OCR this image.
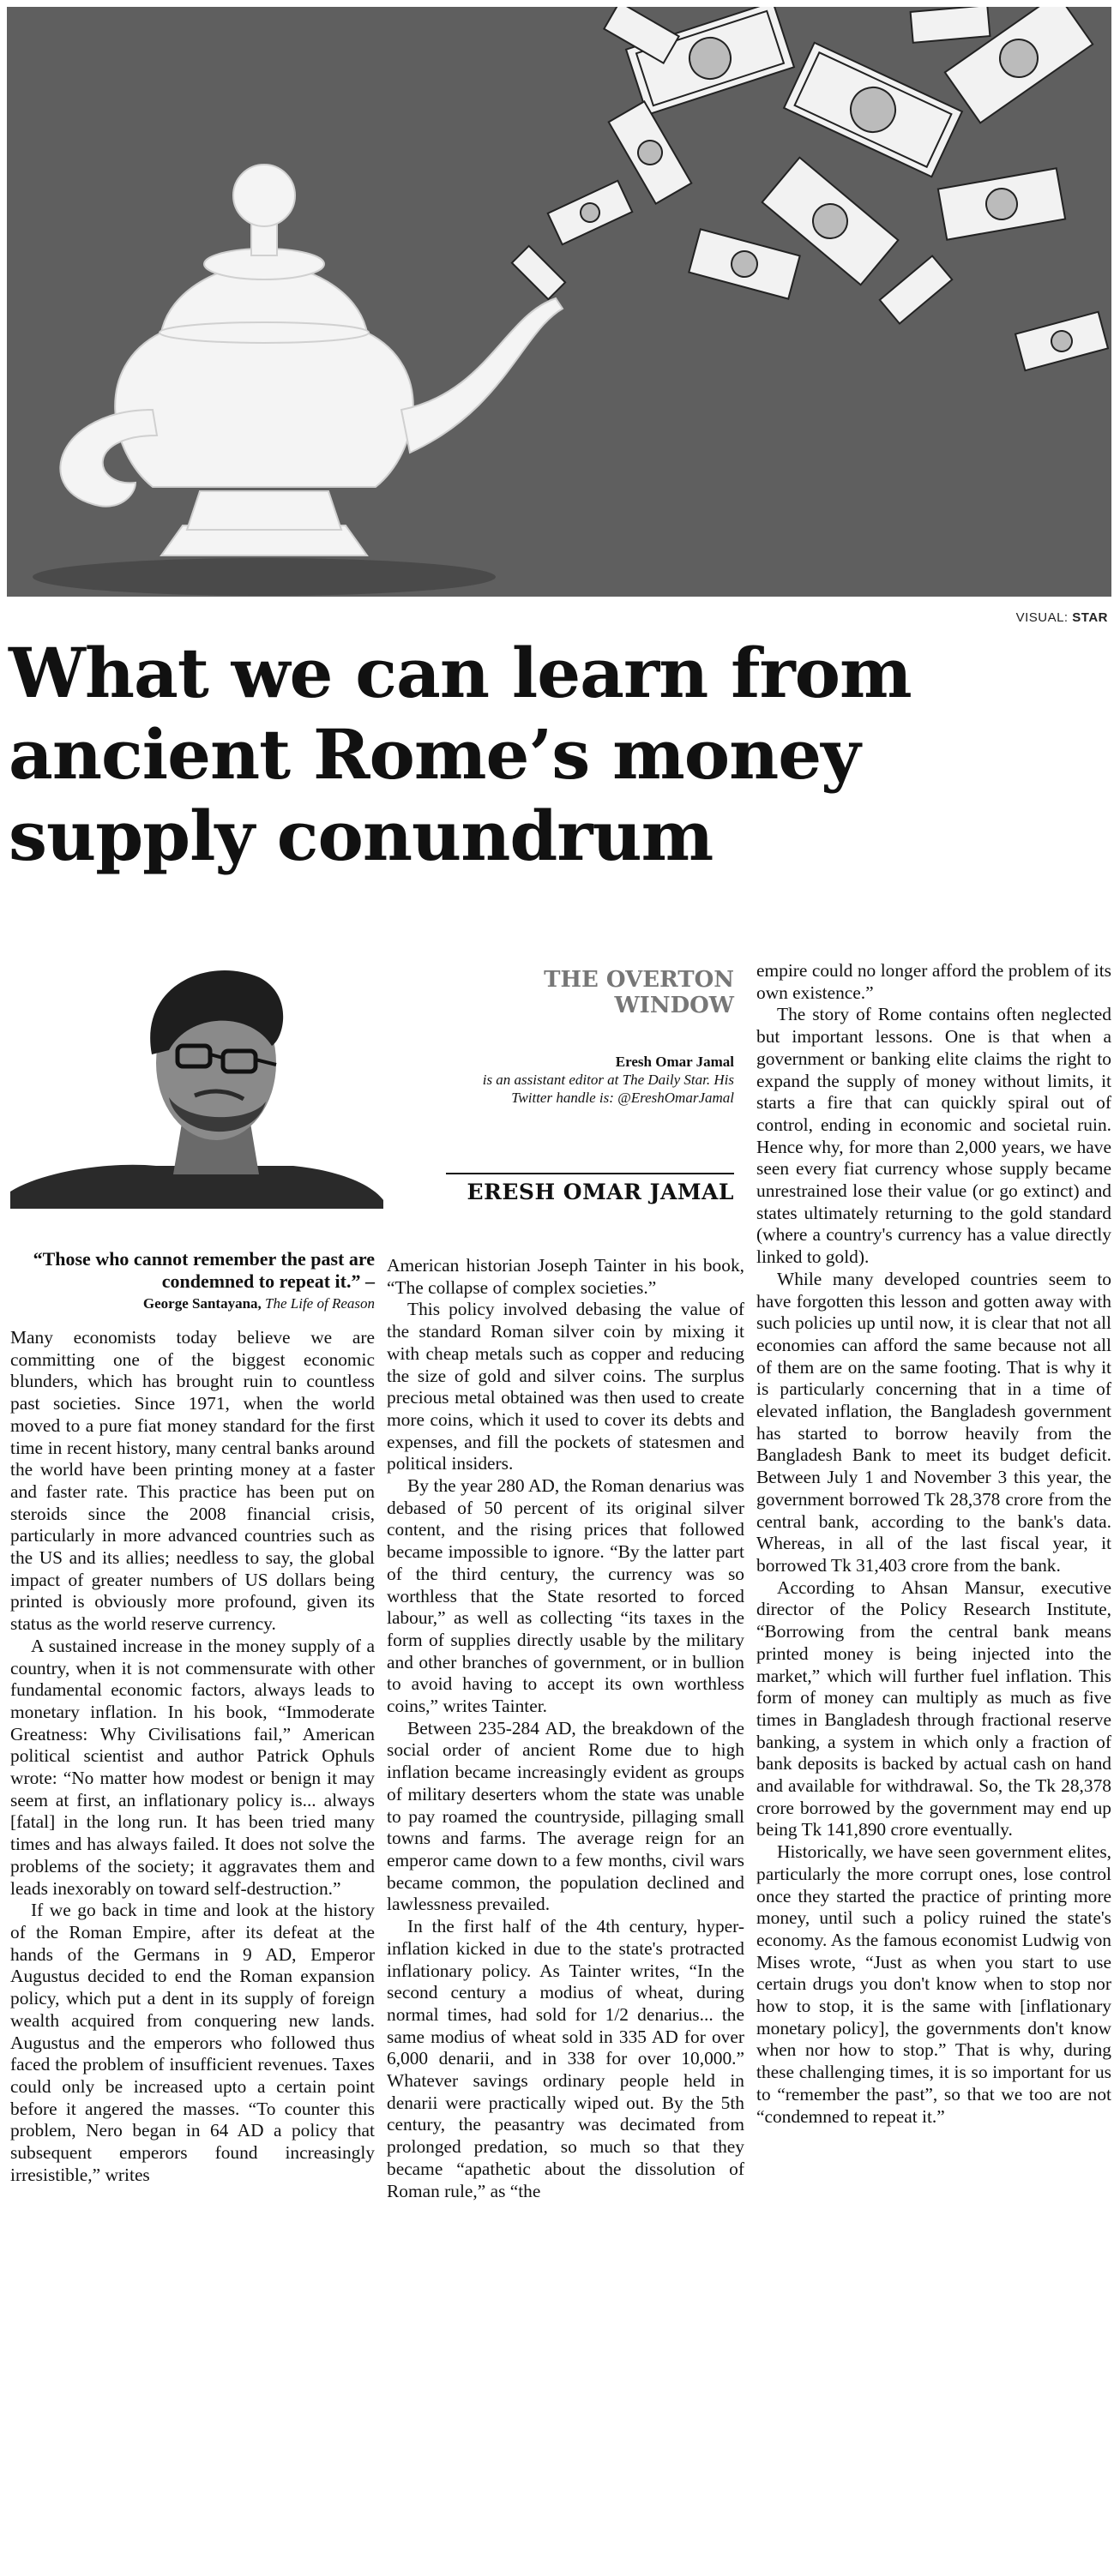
VISUAL: STAR
What we can learn from ancient Rome’s money supply conundrum
THE OVERTON
WINDOW
Eresh Omar Jamal
is an assistant editor at The Daily Star. His Twitter handle is: @EreshOmarJamal
ERESH OMAR JAMAL
“Those who cannot remember the past are condemned to repeat it.” –
George Santayana, The Life of Reason

Many economists today believe we are committing one of the biggest economic blunders, which has brought ruin to countless past societies. Since 1971, when the world moved to a pure fiat money standard for the first time in recent history, many central banks around the world have been printing money at a faster and faster rate. This practice has been put on steroids since the 2008 financial crisis, particularly in more advanced countries such as the US and its allies; needless to say, the global impact of greater numbers of US dollars being printed is obviously more profound, given its status as the world reserve currency.

A sustained increase in the money supply of a country, when it is not commensurate with other fundamental economic factors, always leads to monetary inflation. In his book, “Immoderate Greatness: Why Civilisations fail,” American political scientist and author Patrick Ophuls wrote: “No matter how modest or benign it may seem at first, an inflationary policy is... always [fatal] in the long run. It has been tried many times and has always failed. It does not solve the problems of the society; it aggravates them and leads inexorably on toward self-destruction.”

If we go back in time and look at the history of the Roman Empire, after its defeat at the hands of the Germans in 9 AD, Emperor Augustus decided to end the Roman expansion policy, which put a dent in its supply of foreign wealth acquired from conquering new lands. Augustus and the emperors who followed thus faced the problem of insufficient revenues. Taxes could only be increased upto a certain point before it angered the masses. “To counter this problem, Nero began in 64 AD a policy that subsequent emperors found increasingly irresistible,” writes

American historian Joseph Tainter in his book, “The collapse of complex societies.”

This policy involved debasing the value of the standard Roman silver coin by mixing it with cheap metals such as copper and reducing the size of gold and silver coins. The surplus precious metal obtained was then used to create more coins, which it used to cover its debts and expenses, and fill the pockets of statesmen and political insiders.

By the year 280 AD, the Roman denarius was debased of 50 percent of its original silver content, and the rising prices that followed became impossible to ignore. “By the latter part of the third century, the currency was so worthless that the State resorted to forced labour,” as well as collecting “its taxes in the form of supplies directly usable by the military and other branches of government, or in bullion to avoid having to accept its own worthless coins,” writes Tainter.

Between 235-284 AD, the breakdown of the social order of ancient Rome due to high inflation became increasingly evident as groups of military deserters whom the state was unable to pay roamed the countryside, pillaging small towns and farms. The average reign for an emperor came down to a few months, civil wars became common, the population declined and lawlessness prevailed.

In the first half of the 4th century, hyper-inflation kicked in due to the state's protracted inflationary policy. As Tainter writes, “In the second century a modius of wheat, during normal times, had sold for 1/2 denarius... the same modius of wheat sold in 335 AD for over 6,000 denarii, and in 338 for over 10,000.” Whatever savings ordinary people held in denarii were practically wiped out. By the 5th century, the peasantry was decimated from prolonged predation, so much so that they became “apathetic about the dissolution of Roman rule,” as “the

empire could no longer afford the problem of its own existence.”

The story of Rome contains often neglected but important lessons. One is that when a government or banking elite claims the right to expand the supply of money without limits, it starts a fire that can quickly spiral out of control, ending in economic and societal ruin. Hence why, for more than 2,000 years, we have seen every fiat currency whose supply became unrestrained lose their value (or go extinct) and states ultimately returning to the gold standard (where a country's currency has a value directly linked to gold).

While many developed countries seem to have forgotten this lesson and gotten away with such policies up until now, it is clear that not all economies can afford the same because not all of them are on the same footing. That is why it is particularly concerning that in a time of elevated inflation, the Bangladesh government has started to borrow heavily from the Bangladesh Bank to meet its budget deficit. Between July 1 and November 3 this year, the government borrowed Tk 28,378 crore from the central bank, according to the bank's data. Whereas, in all of the last fiscal year, it borrowed Tk 31,403 crore from the bank.

According to Ahsan Mansur, executive director of the Policy Research Institute, “Borrowing from the central bank means printed money is being injected into the market,” which will further fuel inflation. This form of money can multiply as much as five times in Bangladesh through fractional reserve banking, a system in which only a fraction of bank deposits is backed by actual cash on hand and available for withdrawal. So, the Tk 28,378 crore borrowed by the government may end up being Tk 141,890 crore eventually.

Historically, we have seen government elites, particularly the more corrupt ones, lose control once they started the practice of printing more money, until such a policy ruined the state's economy. As the famous economist Ludwig von Mises wrote, “Just as when you start to use certain drugs you don't know when to stop nor how to stop, it is the same with [inflationary monetary policy], the governments don't know when nor how to stop.” That is why, during these challenging times, it is so important for us to “remember the past”, so that we too are not “condemned to repeat it.”
